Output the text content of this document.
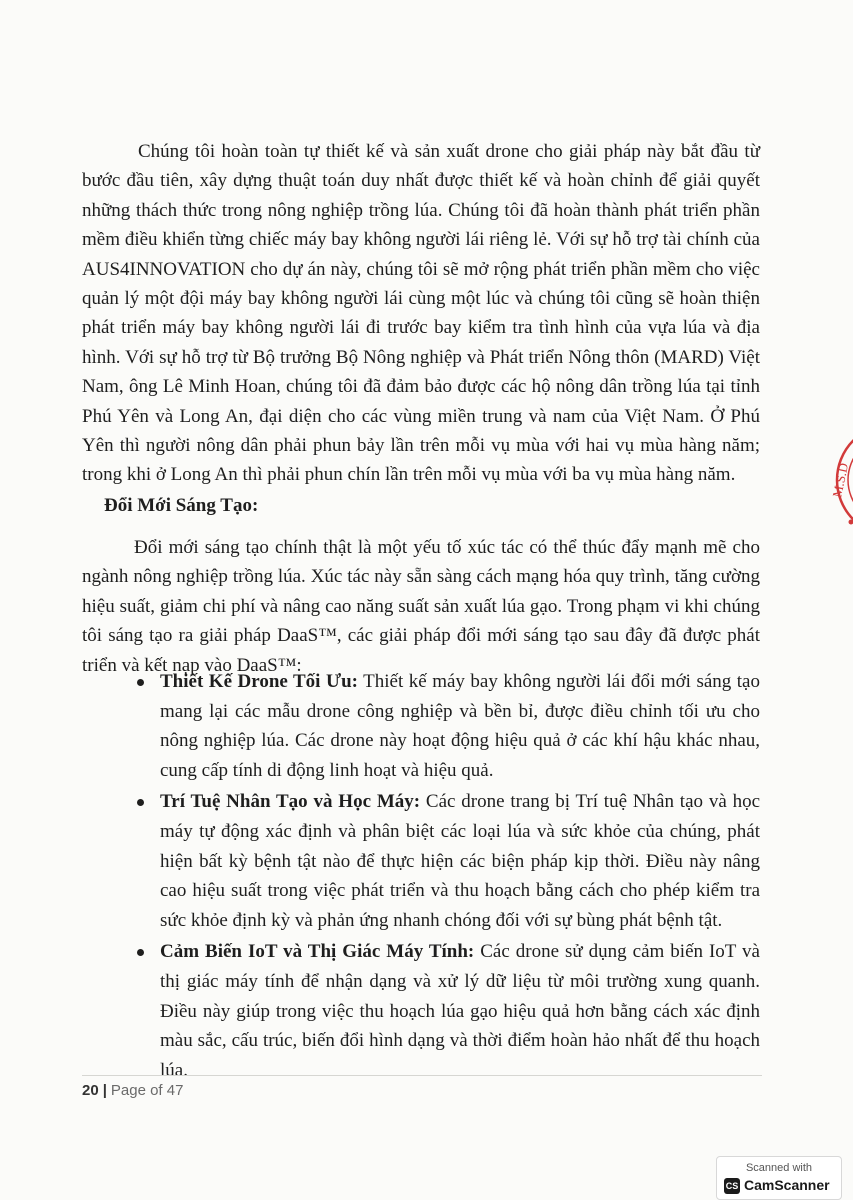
Chúng tôi hoàn toàn tự thiết kế và sản xuất drone cho giải pháp này bắt đầu từ bước đầu tiên, xây dựng thuật toán duy nhất được thiết kế và hoàn chỉnh để giải quyết những thách thức trong nông nghiệp trồng lúa. Chúng tôi đã hoàn thành phát triển phần mềm điều khiển từng chiếc máy bay không người lái riêng lẻ. Với sự hỗ trợ tài chính của AUS4INNOVATION cho dự án này, chúng tôi sẽ mở rộng phát triển phần mềm cho việc quản lý một đội máy bay không người lái cùng một lúc và chúng tôi cũng sẽ hoàn thiện phát triển máy bay không người lái đi trước bay kiểm tra tình hình của vựa lúa và địa hình. Với sự hỗ trợ từ Bộ trưởng Bộ Nông nghiệp và Phát triển Nông thôn (MARD) Việt Nam, ông Lê Minh Hoan, chúng tôi đã đảm bảo được các hộ nông dân trồng lúa tại tỉnh Phú Yên và Long An, đại diện cho các vùng miền trung và nam của Việt Nam. Ở Phú Yên thì người nông dân phải phun bảy lần trên mỗi vụ mùa với hai vụ mùa hàng năm; trong khi ở Long An thì phải phun chín lần trên mỗi vụ mùa với ba vụ mùa hàng năm.

Đổi Mới Sáng Tạo:

Đổi mới sáng tạo chính thật là một yếu tố xúc tác có thể thúc đẩy mạnh mẽ cho ngành nông nghiệp trồng lúa. Xúc tác này sẵn sàng cách mạng hóa quy trình, tăng cường hiệu suất, giảm chi phí và nâng cao năng suất sản xuất lúa gạo. Trong phạm vi khi chúng tôi sáng tạo ra giải pháp DaaS™, các giải pháp đổi mới sáng tạo sau đây đã được phát triển và kết nạp vào DaaS™:

Thiết Kế Drone Tối Ưu: Thiết kế máy bay không người lái đổi mới sáng tạo mang lại các mẫu drone công nghiệp và bền bỉ, được điều chỉnh tối ưu cho nông nghiệp lúa. Các drone này hoạt động hiệu quả ở các khí hậu khác nhau, cung cấp tính di động linh hoạt và hiệu quả.
Trí Tuệ Nhân Tạo và Học Máy: Các drone trang bị Trí tuệ Nhân tạo và học máy tự động xác định và phân biệt các loại lúa và sức khỏe của chúng, phát hiện bất kỳ bệnh tật nào để thực hiện các biện pháp kịp thời. Điều này nâng cao hiệu suất trong việc phát triển và thu hoạch bằng cách cho phép kiểm tra sức khỏe định kỳ và phản ứng nhanh chóng đối với sự bùng phát bệnh tật.
Cảm Biến IoT và Thị Giác Máy Tính: Các drone sử dụng cảm biến IoT và thị giác máy tính để nhận dạng và xử lý dữ liệu từ môi trường xung quanh. Điều này giúp trong việc thu hoạch lúa gạo hiệu quả hơn bằng cách xác định màu sắc, cấu trúc, biến đổi hình dạng và thời điểm hoàn hảo nhất để thu hoạch lúa.
20 | Page of 47
M.S.D
Scanned with
CS CamScanner
